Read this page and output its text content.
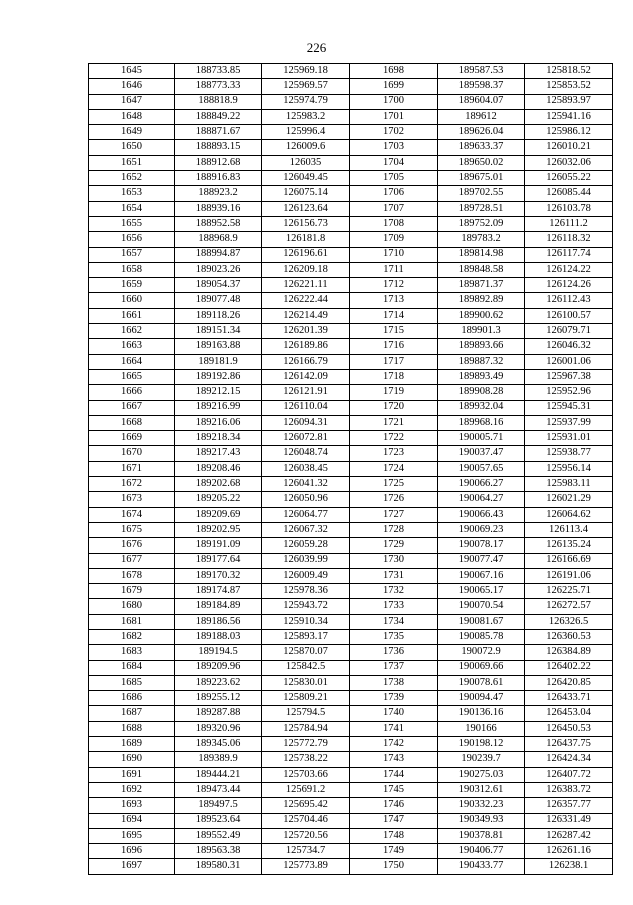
226
1645	188733.85	125969.18	1698	189587.53	125818.52
1646	188773.33	125969.57	1699	189598.37	125853.52
1647	188818.9	125974.79	1700	189604.07	125893.97
1648	188849.22	125983.2	1701	189612	125941.16
1649	188871.67	125996.4	1702	189626.04	125986.12
1650	188893.15	126009.6	1703	189633.37	126010.21
1651	188912.68	126035	1704	189650.02	126032.06
1652	188916.83	126049.45	1705	189675.01	126055.22
1653	188923.2	126075.14	1706	189702.55	126085.44
1654	188939.16	126123.64	1707	189728.51	126103.78
1655	188952.58	126156.73	1708	189752.09	126111.2
1656	188968.9	126181.8	1709	189783.2	126118.32
1657	188994.87	126196.61	1710	189814.98	126117.74
1658	189023.26	126209.18	1711	189848.58	126124.22
1659	189054.37	126221.11	1712	189871.37	126124.26
1660	189077.48	126222.44	1713	189892.89	126112.43
1661	189118.26	126214.49	1714	189900.62	126100.57
1662	189151.34	126201.39	1715	189901.3	126079.71
1663	189163.88	126189.86	1716	189893.66	126046.32
1664	189181.9	126166.79	1717	189887.32	126001.06
1665	189192.86	126142.09	1718	189893.49	125967.38
1666	189212.15	126121.91	1719	189908.28	125952.96
1667	189216.99	126110.04	1720	189932.04	125945.31
1668	189216.06	126094.31	1721	189968.16	125937.99
1669	189218.34	126072.81	1722	190005.71	125931.01
1670	189217.43	126048.74	1723	190037.47	125938.77
1671	189208.46	126038.45	1724	190057.65	125956.14
1672	189202.68	126041.32	1725	190066.27	125983.11
1673	189205.22	126050.96	1726	190064.27	126021.29
1674	189209.69	126064.77	1727	190066.43	126064.62
1675	189202.95	126067.32	1728	190069.23	126113.4
1676	189191.09	126059.28	1729	190078.17	126135.24
1677	189177.64	126039.99	1730	190077.47	126166.69
1678	189170.32	126009.49	1731	190067.16	126191.06
1679	189174.87	125978.36	1732	190065.17	126225.71
1680	189184.89	125943.72	1733	190070.54	126272.57
1681	189186.56	125910.34	1734	190081.67	126326.5
1682	189188.03	125893.17	1735	190085.78	126360.53
1683	189194.5	125870.07	1736	190072.9	126384.89
1684	189209.96	125842.5	1737	190069.66	126402.22
1685	189223.62	125830.01	1738	190078.61	126420.85
1686	189255.12	125809.21	1739	190094.47	126433.71
1687	189287.88	125794.5	1740	190136.16	126453.04
1688	189320.96	125784.94	1741	190166	126450.53
1689	189345.06	125772.79	1742	190198.12	126437.75
1690	189389.9	125738.22	1743	190239.7	126424.34
1691	189444.21	125703.66	1744	190275.03	126407.72
1692	189473.44	125691.2	1745	190312.61	126383.72
1693	189497.5	125695.42	1746	190332.23	126357.77
1694	189523.64	125704.46	1747	190349.93	126331.49
1695	189552.49	125720.56	1748	190378.81	126287.42
1696	189563.38	125734.7	1749	190406.77	126261.16
1697	189580.31	125773.89	1750	190433.77	126238.1
